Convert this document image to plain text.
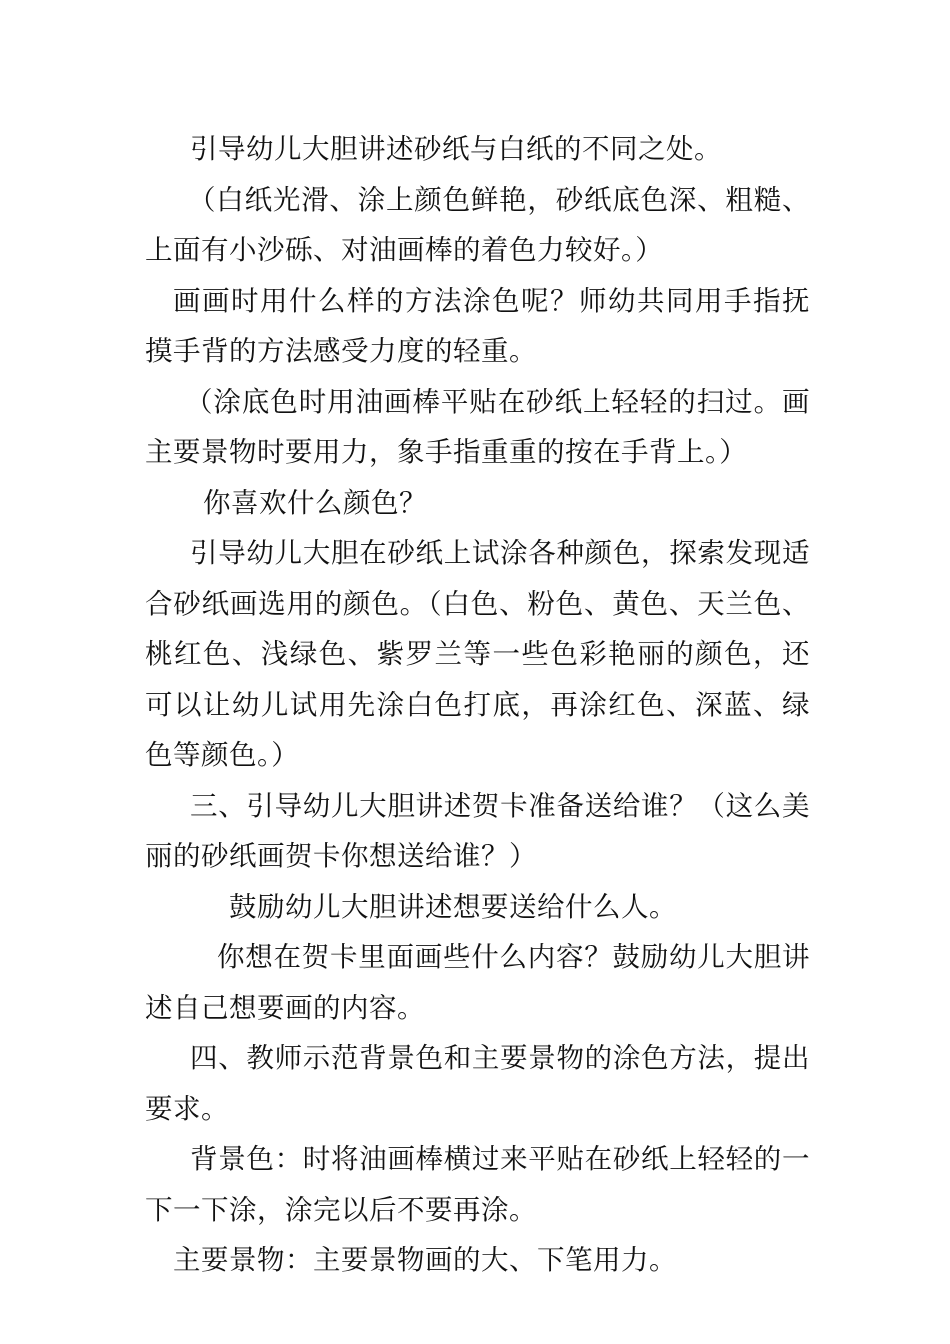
引导幼儿大胆讲述砂纸与白纸的不同之处。

（白纸光滑、涂上颜色鲜艳，砂纸底色深、粗糙、上面有小沙砾、对油画棒的着色力较好。）

画画时用什么样的方法涂色呢？师幼共同用手指抚摸手背的方法感受力度的轻重。

（涂底色时用油画棒平贴在砂纸上轻轻的扫过。画主要景物时要用力，象手指重重的按在手背上。）

你喜欢什么颜色？

引导幼儿大胆在砂纸上试涂各种颜色，探索发现适合砂纸画选用的颜色。（白色、粉色、黄色、天兰色、桃红色、浅绿色、紫罗兰等一些色彩艳丽的颜色，还可以让幼儿试用先涂白色打底，再涂红色、深蓝、绿色等颜色。）

三、引导幼儿大胆讲述贺卡准备送给谁？（这么美丽的砂纸画贺卡你想送给谁？）

鼓励幼儿大胆讲述想要送给什么人。

你想在贺卡里面画些什么内容？鼓励幼儿大胆讲述自己想要画的内容。

四、教师示范背景色和主要景物的涂色方法，提出要求。

背景色：时将油画棒横过来平贴在砂纸上轻轻的一下一下涂，涂完以后不要再涂。

主要景物：主要景物画的大、下笔用力。
